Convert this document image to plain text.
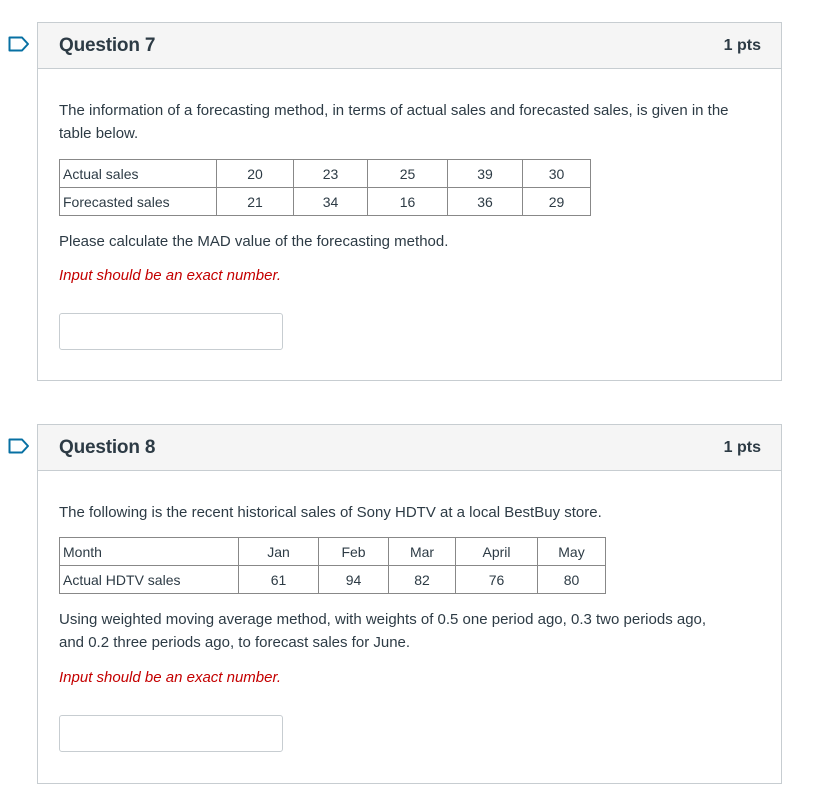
Question 7	1 pts
The information of a forecasting method, in terms of actual sales and forecasted sales, is given in the
table below.
Actual sales	20	23	25	39	30
Forecasted sales	21	34	16	36	29
Please calculate the MAD value of the forecasting method.
Input should be an exact number.
Question 8	1 pts
The following is the recent historical sales of Sony HDTV at a local BestBuy store.
Month	Jan	Feb	Mar	April	May
Actual HDTV sales	61	94	82	76	80
Using weighted moving average method, with weights of 0.5 one period ago, 0.3 two periods ago,
and 0.2 three periods ago, to forecast sales for June.
Input should be an exact number.
